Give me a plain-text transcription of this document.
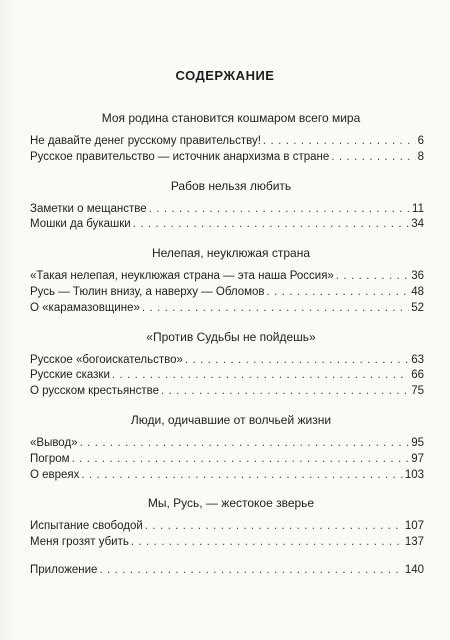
СОДЕРЖАНИЕ
Моя родина становится кошмаром всего мира
Не давайте денег русскому правительству! . . .	6
Русское правительство — источник анархизма в стране . . .	8
Рабов нельзя любить
Заметки о мещанстве . . .	11
Мошки да букашки . . .	34
Нелепая, неуклюжая страна
«Такая нелепая, неуклюжая страна — эта наша Россия» . . .	36
Русь — Тюлин внизу, а наверху — Обломов . . .	48
О «карамазовщине» . . .	52
«Против Судьбы не пойдешь»
Русское «богоискательство» . . .	63
Русские сказки . . .	66
О русском крестьянстве . . .	75
Люди, одичавшие от волчьей жизни
«Вывод» . . .	95
Погром . . .	97
О евреях . . .	103
Мы, Русь, — жестокое зверье
Испытание свободой . . .	107
Меня грозят убить . . .	137
Приложение . . .	140
